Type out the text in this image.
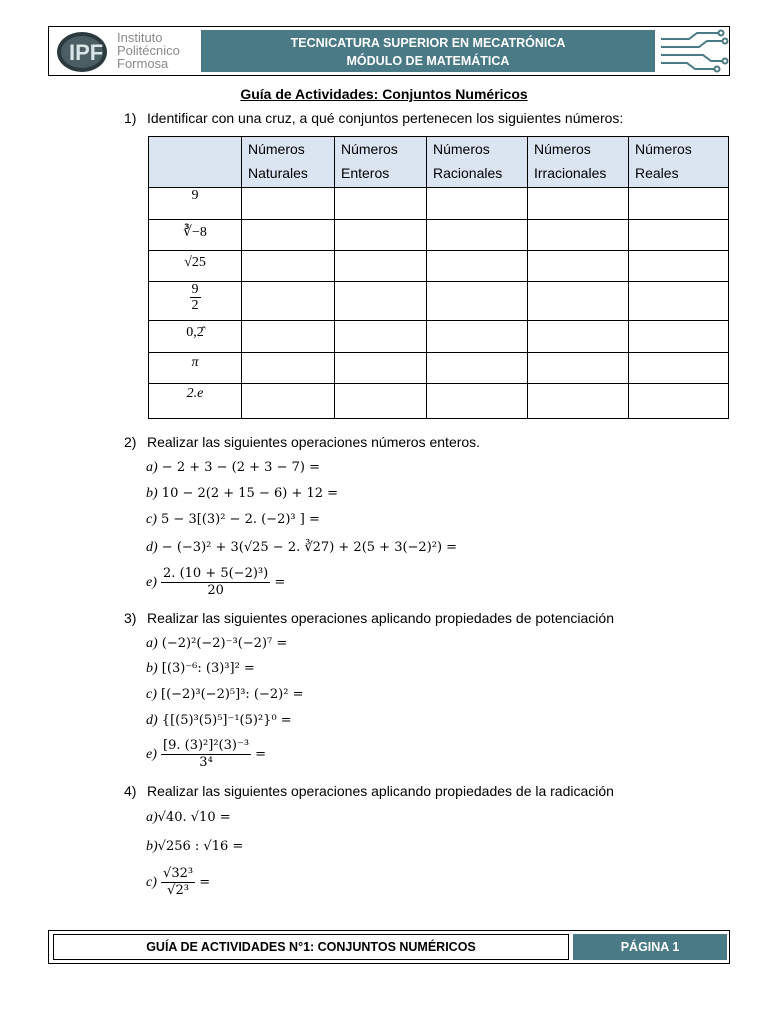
IPF
Instituto
Politécnico
Formosa
TECNICATURA SUPERIOR EN MECATRÓNICA
MÓDULO DE MATEMÁTICA
Guía de Actividades: Conjuntos Numéricos
1) Identificar con una cruz, a qué conjuntos pertenecen los siguientes números:
	Números
Naturales	Números
Enteros	Números
Racionales	Números
Irracionales	Números
Reales
9					
∛−8					
√25					

$\frac{9}{2}$

0,2̂					
π					
2.e					
2) Realizar las siguientes operaciones números enteros.
a) − 2 + 3 − (2 + 3 − 7) =
b) 10 − 2(2 + 15 − 6) + 12 =
c) 5 − 3[(3)² − 2. (−2)³ ] =
d) − (−3)² + 3(√25 − 2. ∛27) + 2(5 + 3(−2)²) =
$e) \frac{\text{2. (10 + 5(−2)³)}}{20}$ =
3) Realizar las siguientes operaciones aplicando propiedades de potenciación
a) (−2)²(−2)⁻³(−2)⁷ =
b) [(3)⁻⁶: (3)³]² =
c) [(−2)³(−2)⁵]³: (−2)² =
d) {[(5)³(5)⁵]⁻¹(5)²}⁰ =
$e) \frac{\text{[9. (3)²]²(3)⁻³}}{\text{3⁴}}$ =
4) Realizar las siguientes operaciones aplicando propiedades de la radicación
a)√40. √10 =
b)√256 : √16 =
$c) \frac{\text{√32³}}{\text{√2³}}$ =
GUÍA DE ACTIVIDADES N°1: CONJUNTOS NUMÉRICOS	PÁGINA 1
